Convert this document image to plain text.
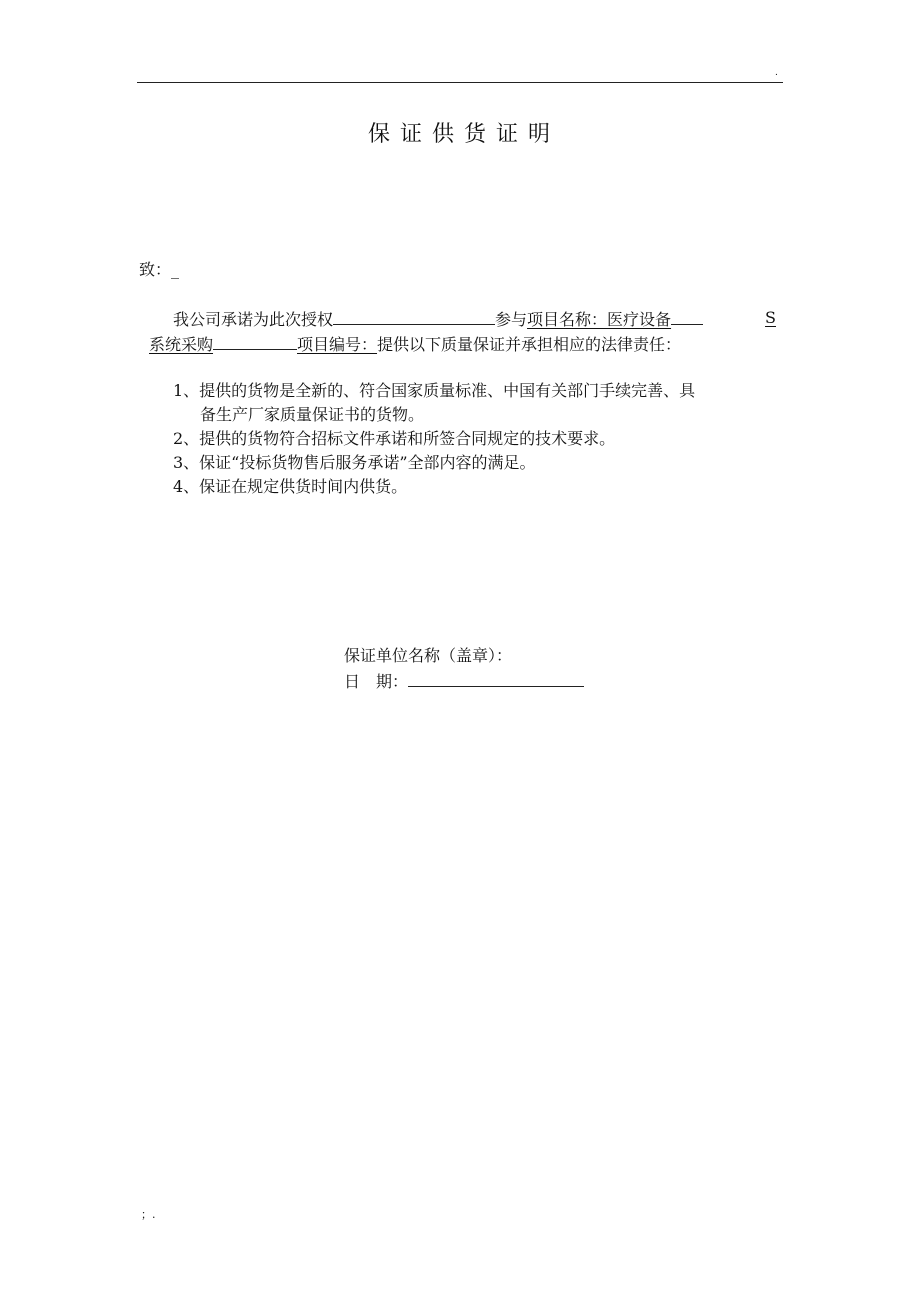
.
保证供货证明
致：_
我公司承诺为此次授权	参与项目名称：医疗设备	S
系统采购	项目编号：提供以下质量保证并承担相应的法律责任：
1、提供的货物是全新的、符合国家质量标准、中国有关部门手续完善、具
备生产厂家质量保证书的货物。
2、提供的货物符合招标文件承诺和所签合同规定的技术要求。
3、保证“投标货物售后服务承诺”全部内容的满足。
4、保证在规定供货时间内供货。
保证单位名称（盖章）：
日　期：
；.
